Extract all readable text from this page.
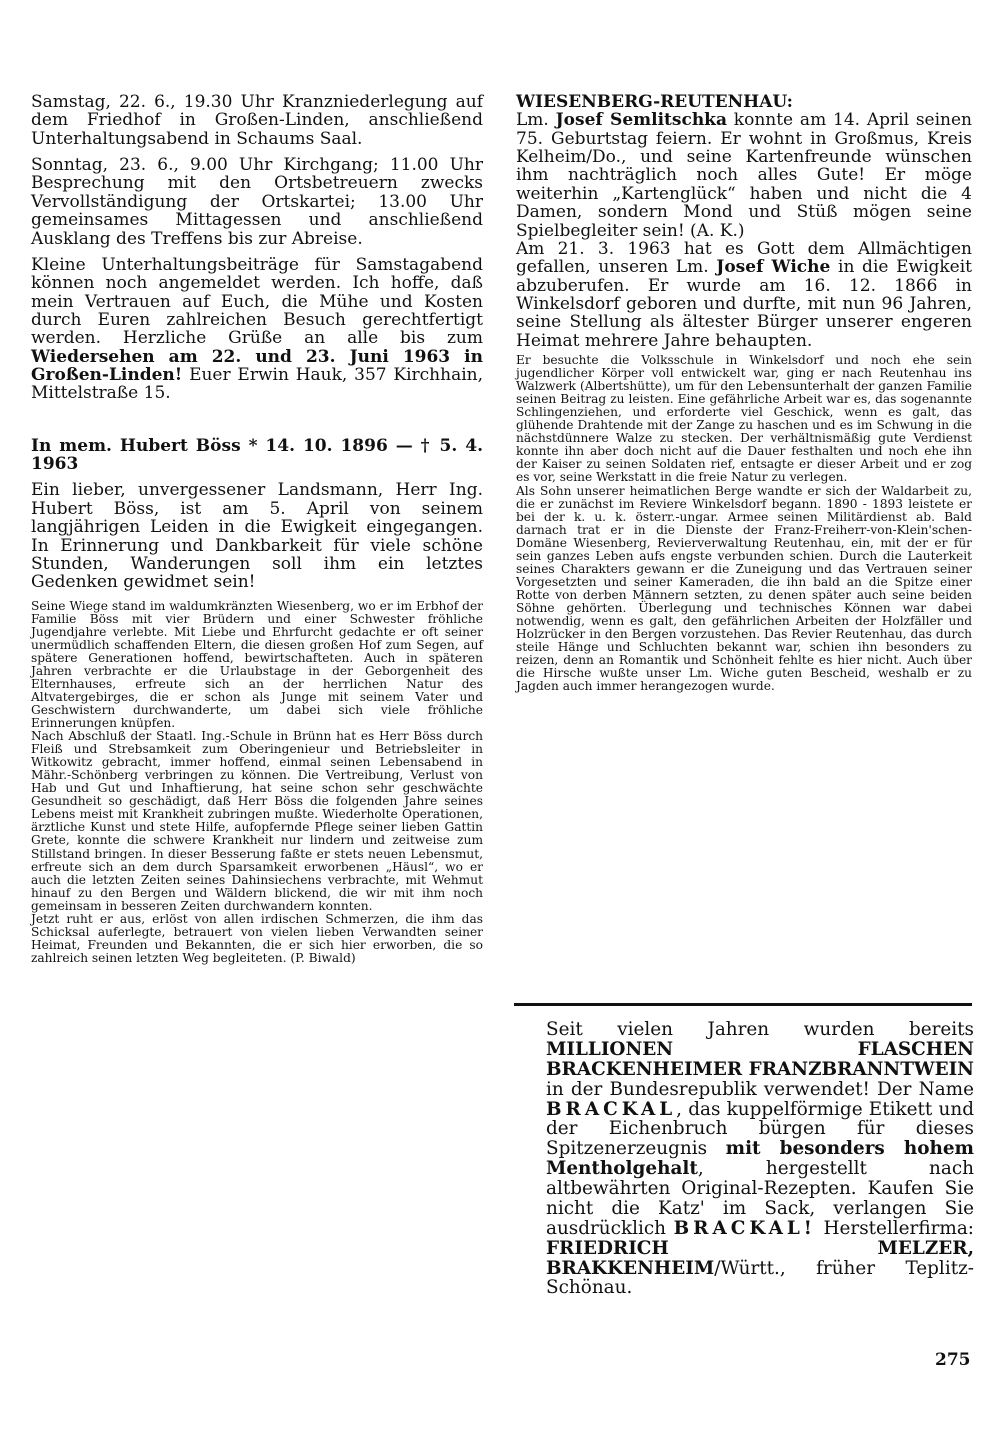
Samstag, 22. 6., 19.30 Uhr Kranzniederlegung auf dem Friedhof in Großen-Linden, anschließend Unterhaltungsabend in Schaums Saal.

Sonntag, 23. 6., 9.00 Uhr Kirchgang; 11.00 Uhr Besprechung mit den Ortsbetreuern zwecks Vervollständigung der Ortskartei; 13.00 Uhr gemeinsames Mittagessen und anschließend Ausklang des Treffens bis zur Abreise.

Kleine Unterhaltungsbeiträge für Samstagabend können noch angemeldet werden. Ich hoffe, daß mein Vertrauen auf Euch, die Mühe und Kosten durch Euren zahlreichen Besuch gerechtfertigt werden. Herzliche Grüße an alle bis zum Wiedersehen am 22. und 23. Juni 1963 in Großen-Linden! Euer Erwin Hauk, 357 Kirchhain, Mittelstraße 15.

In mem. Hubert Böss * 14. 10. 1896 — † 5. 4. 1963

Ein lieber, unvergessener Landsmann, Herr Ing. Hubert Böss, ist am 5. April von seinem langjährigen Leiden in die Ewigkeit eingegangen. In Erinnerung und Dankbarkeit für viele schöne Stunden, Wanderungen soll ihm ein letztes Gedenken gewidmet sein!

Seine Wiege stand im waldumkränzten Wiesenberg, wo er im Erbhof der Familie Böss mit vier Brüdern und einer Schwester fröhliche Jugendjahre verlebte. Mit Liebe und Ehrfurcht gedachte er oft seiner unermüdlich schaffenden Eltern, die diesen großen Hof zum Segen, auf spätere Generationen hoffend, bewirtschafteten. Auch in späteren Jahren verbrachte er die Urlaubstage in der Geborgenheit des Elternhauses, erfreute sich an der herrlichen Natur des Altvatergebirges, die er schon als Junge mit seinem Vater und Geschwistern durchwanderte, um dabei sich viele fröhliche Erinnerungen knüpfen.

Nach Abschluß der Staatl. Ing.-Schule in Brünn hat es Herr Böss durch Fleiß und Strebsamkeit zum Oberingenieur und Betriebsleiter in Witkowitz gebracht, immer hoffend, einmal seinen Lebensabend in Mähr.-Schönberg verbringen zu können. Die Vertreibung, Verlust von Hab und Gut und Inhaftierung, hat seine schon sehr geschwächte Gesundheit so geschädigt, daß Herr Böss die folgenden Jahre seines Lebens meist mit Krankheit zubringen mußte. Wiederholte Operationen, ärztliche Kunst und stete Hilfe, aufopfernde Pflege seiner lieben Gattin Grete, konnte die schwere Krankheit nur lindern und zeitweise zum Stillstand bringen. In dieser Besserung faßte er stets neuen Lebensmut, erfreute sich an dem durch Sparsamkeit erworbenen „Häusl“, wo er auch die letzten Zeiten seines Dahinsiechens verbrachte, mit Wehmut hinauf zu den Bergen und Wäldern blickend, die wir mit ihm noch gemeinsam in besseren Zeiten durchwandern konnten.

Jetzt ruht er aus, erlöst von allen irdischen Schmerzen, die ihm das Schicksal auferlegte, betrauert von vielen lieben Verwandten seiner Heimat, Freunden und Bekannten, die er sich hier erworben, die so zahlreich seinen letzten Weg begleiteten. (P. Biwald)

WIESENBERG-REUTENHAU:

Lm. Josef Semlitschka konnte am 14. April seinen 75. Geburtstag feiern. Er wohnt in Großmus, Kreis Kelheim/Do., und seine Kartenfreunde wünschen ihm nachträglich noch alles Gute! Er möge weiterhin „Kartenglück“ haben und nicht die 4 Damen, sondern Mond und Stüß mögen seine Spielbegleiter sein! (A. K.)

Am 21. 3. 1963 hat es Gott dem Allmächtigen gefallen, unseren Lm. Josef Wiche in die Ewigkeit abzuberufen. Er wurde am 16. 12. 1866 in Winkelsdorf geboren und durfte, mit nun 96 Jahren, seine Stellung als ältester Bürger unserer engeren Heimat mehrere Jahre behaupten.

Er besuchte die Volksschule in Winkelsdorf und noch ehe sein jugendlicher Körper voll entwickelt war, ging er nach Reutenhau ins Walzwerk (Albertshütte), um für den Lebensunterhalt der ganzen Familie seinen Beitrag zu leisten. Eine gefährliche Arbeit war es, das sogenannte Schlingenziehen, und erforderte viel Geschick, wenn es galt, das glühende Drahtende mit der Zange zu haschen und es im Schwung in die nächstdünnere Walze zu stecken. Der verhältnismäßig gute Verdienst konnte ihn aber doch nicht auf die Dauer festhalten und noch ehe ihn der Kaiser zu seinen Soldaten rief, entsagte er dieser Arbeit und er zog es vor, seine Werkstatt in die freie Natur zu verlegen.

Als Sohn unserer heimatlichen Berge wandte er sich der Waldarbeit zu, die er zunächst im Reviere Winkelsdorf begann. 1890 - 1893 leistete er bei der k. u. k. österr.-ungar. Armee seinen Militärdienst ab. Bald darnach trat er in die Dienste der Franz-Freiherr-von-Klein'schen-Domäne Wiesenberg, Revierverwaltung Reutenhau, ein, mit der er für sein ganzes Leben aufs engste verbunden schien. Durch die Lauterkeit seines Charakters gewann er die Zuneigung und das Vertrauen seiner Vorgesetzten und seiner Kameraden, die ihn bald an die Spitze einer Rotte von derben Männern setzten, zu denen später auch seine beiden Söhne gehörten. Überlegung und technisches Können war dabei notwendig, wenn es galt, den gefährlichen Arbeiten der Holzfäller und Holzrücker in den Bergen vorzustehen. Das Revier Reutenhau, das durch steile Hänge und Schluchten bekannt war, schien ihn besonders zu reizen, denn an Romantik und Schönheit fehlte es hier nicht. Auch über die Hirsche wußte unser Lm. Wiche guten Bescheid, weshalb er zu Jagden auch immer herangezogen wurde.

Seit vielen Jahren wurden bereits MILLIONEN FLASCHEN BRACKENHEIMER FRANZBRANNTWEIN in der Bundesrepublik verwendet! Der Name BRACKAL, das kuppelförmige Etikett und der Eichenbruch bürgen für dieses Spitzenerzeugnis mit besonders hohem Mentholgehalt, hergestellt nach altbewährten Original-Rezepten. Kaufen Sie nicht die Katz' im Sack, verlangen Sie ausdrücklich BRACKAL! Herstellerfirma: FRIEDRICH MELZER, BRAKKENHEIM/Württ., früher Teplitz-Schönau.

275
